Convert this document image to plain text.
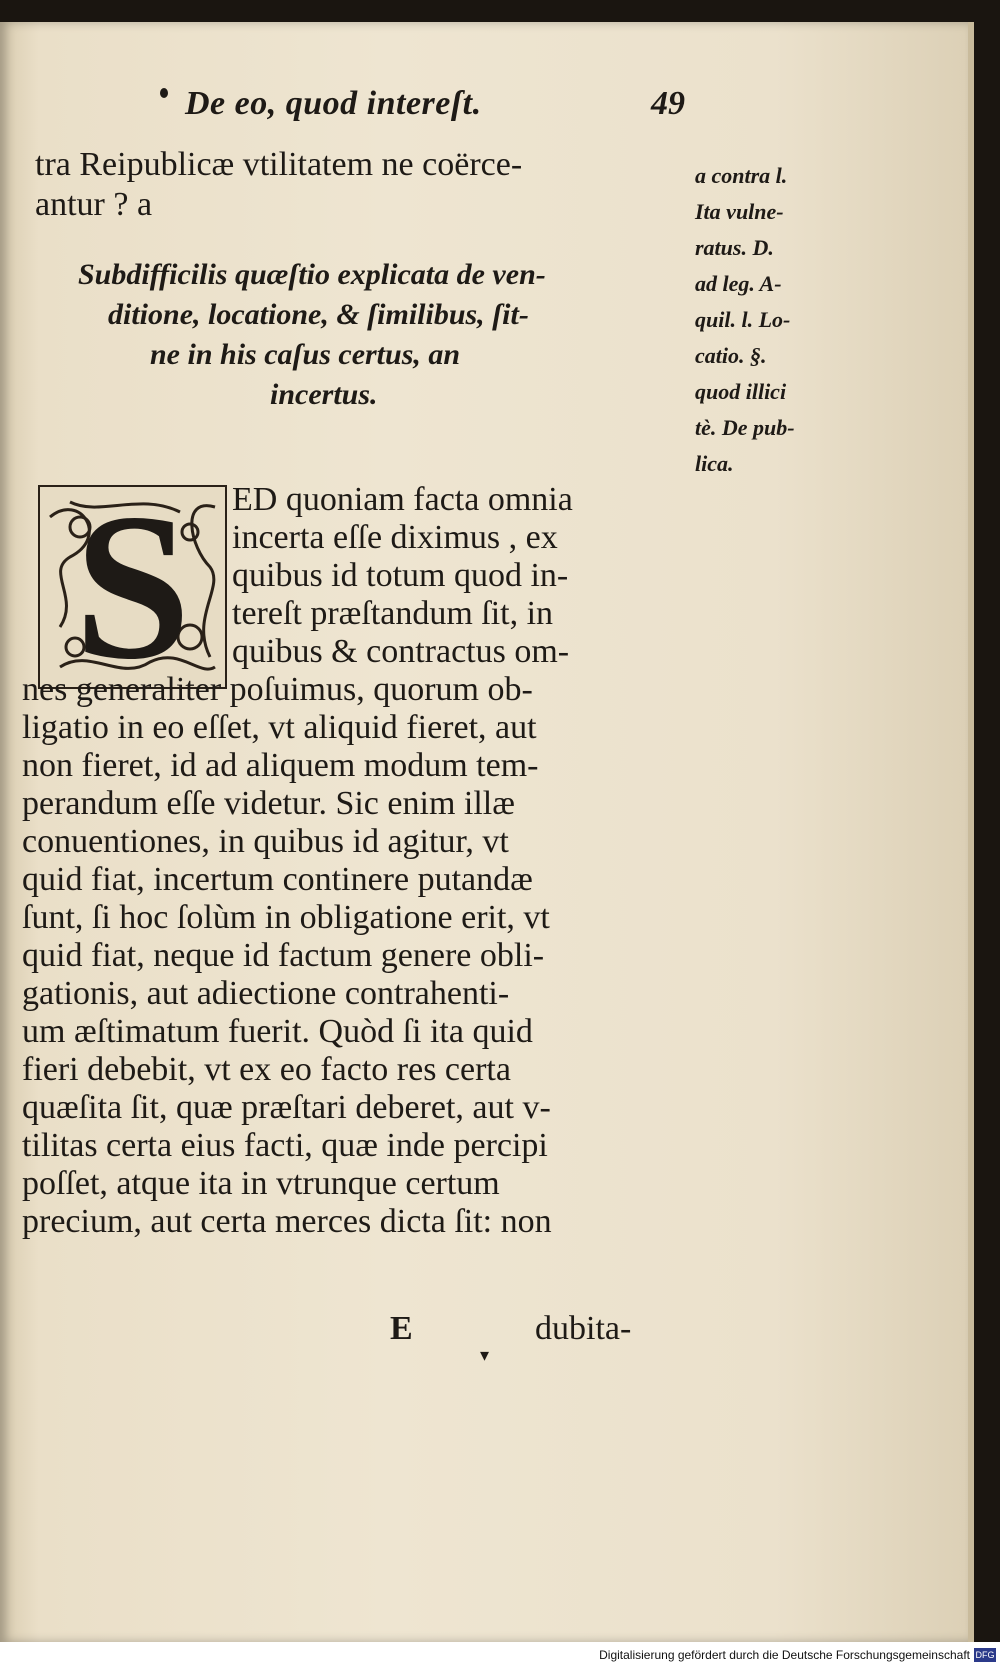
De eo, quod intereſt.	49
tra Reipublicæ vtilitatem ne coërce-
antur ? a
Subdifficilis quæſtio explicata de ven-
ditione, locatione, & ſimilibus, ſit-
ne in his caſus certus, an
incertus.
a contra l.
Ita vulne-
ratus. D.
ad leg. A-
quil. l. Lo-
catio. §.
quod illici
tè. De pub-
lica.
S	ED quoniam facta omnia
incerta eſſe diximus , ex
quibus id totum quod in-
tereſt præſtandum ſit, in
quibus & contractus om-
nes generaliter poſuimus, quorum ob-
ligatio in eo eſſet, vt aliquid fieret, aut
non fieret, id ad aliquem modum tem-
perandum eſſe videtur. Sic enim illæ
conuentiones, in quibus id agitur, vt
quid fiat, incertum continere putandæ
ſunt, ſi hoc ſolùm in obligatione erit, vt
quid fiat, neque id factum genere obli-
gationis, aut adiectione contrahenti-
um æſtimatum fuerit. Quòd ſi ita quid
fieri debebit, vt ex eo facto res certa
quæſita ſit, quæ præſtari deberet, aut v-
tilitas certa eius facti, quæ inde percipi
poſſet, atque ita in vtrunque certum
precium, aut certa merces dicta ſit: non
E	dubita-
▾
Digitalisierung gefördert durch die Deutsche Forschungsgemeinschaft DFG
